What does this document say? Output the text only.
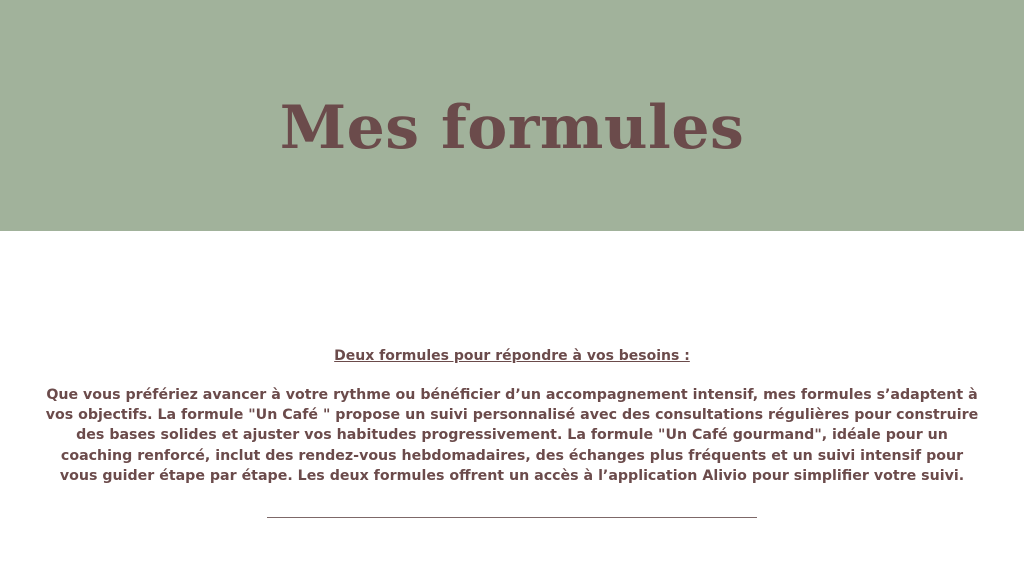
Mes formules

Deux formules pour répondre à vos besoins :

Que vous préfériez avancer à votre rythme ou bénéficier d’un accompagnement intensif, mes formules s’adaptent à vos objectifs. La formule "Un Café " propose un suivi personnalisé avec des consultations régulières pour construire des bases solides et ajuster vos habitudes progressivement. La formule "Un Café gourmand", idéale pour un coaching renforcé, inclut des rendez-vous hebdomadaires, des échanges plus fréquents et un suivi intensif pour vous guider étape par étape. Les deux formules offrent un accès à l’application Alivio pour simplifier votre suivi.
